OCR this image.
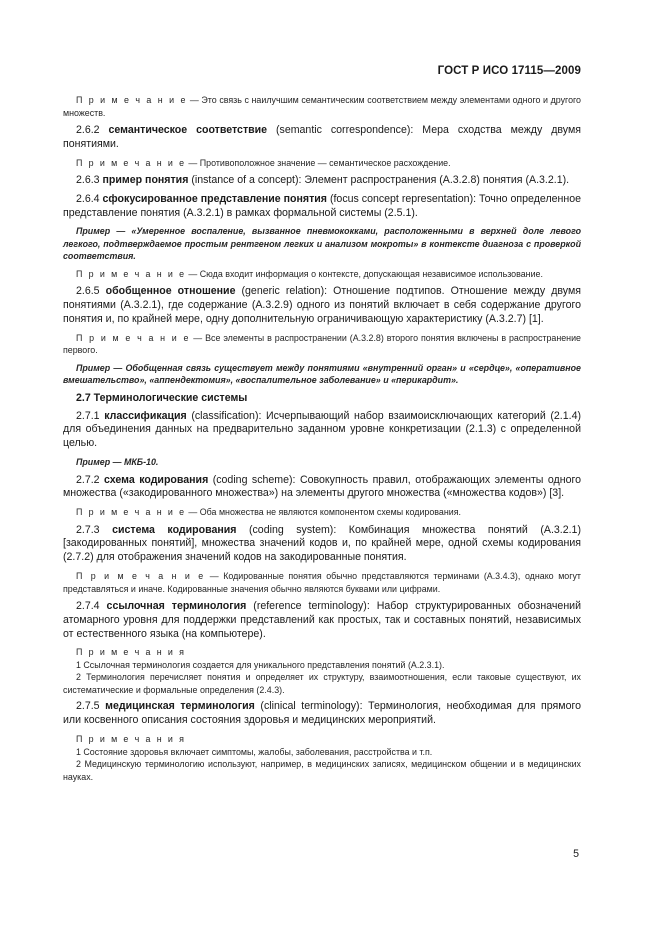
ГОСТ Р ИСО 17115—2009

П р и м е ч а н и е — Это связь с наилучшим семантическим соответствием между элементами одного и другого множеств.

2.6.2 семантическое соответствие (semantic correspondence): Мера сходства между двумя понятиями.

П р и м е ч а н и е — Противоположное значение — семантическое расхождение.

2.6.3 пример понятия (instance of a concept): Элемент распространения (A.3.2.8) понятия (A.3.2.1).

2.6.4 сфокусированное представление понятия (focus concept representation): Точно определенное представление понятия (A.3.2.1) в рамках формальной системы (2.5.1).

Пример — «Умеренное воспаление, вызванное пневмококками, расположенными в верхней доле левого легкого, подтверждаемое простым рентгеном легких и анализом мокроты» в контексте диагноза с проверкой соответствия.

П р и м е ч а н и е — Сюда входит информация о контексте, допускающая независимое использование.

2.6.5 обобщенное отношение (generic relation): Отношение подтипов. Отношение между двумя понятиями (A.3.2.1), где содержание (A.3.2.9) одного из понятий включает в себя содержание другого понятия и, по крайней мере, одну дополнительную ограничивающую характеристику (A.3.2.7) [1].

П р и м е ч а н и е — Все элементы в распространении (A.3.2.8) второго понятия включены в распространение первого.

Пример — Обобщенная связь существует между понятиями «внутренний орган» и «сердце», «оперативное вмешательство», «аппендектомия», «воспалительное заболевание» и «перикардит».

2.7 Терминологические системы

2.7.1 классификация (classification): Исчерпывающий набор взаимоисключающих категорий (2.1.4) для объединения данных на предварительно заданном уровне конкретизации (2.1.3) с определенной целью.

Пример — МКБ-10.

2.7.2 схема кодирования (coding scheme): Совокупность правил, отображающих элементы одного множества («закодированного множества») на элементы другого множества («множества кодов») [3].

П р и м е ч а н и е — Оба множества не являются компонентом схемы кодирования.

2.7.3 система кодирования (coding system): Комбинация множества понятий (A.3.2.1) [закодированных понятий], множества значений кодов и, по крайней мере, одной схемы кодирования (2.7.2) для отображения значений кодов на закодированные понятия.

П р и м е ч а н и е — Кодированные понятия обычно представляются терминами (A.3.4.3), однако могут представляться и иначе. Кодированные значения обычно являются буквами или цифрами.

2.7.4 ссылочная терминология (reference terminology): Набор структурированных обозначений атомарного уровня для поддержки представлений как простых, так и составных понятий, независимых от естественного языка (на компьютере).

П р и м е ч а н и я

1 Ссылочная терминология создается для уникального представления понятий (A.2.3.1).

2 Терминология перечисляет понятия и определяет их структуру, взаимоотношения, если таковые существуют, их систематические и формальные определения (2.4.3).

2.7.5 медицинская терминология (clinical terminology): Терминология, необходимая для прямого или косвенного описания состояния здоровья и медицинских мероприятий.

П р и м е ч а н и я

1 Состояние здоровья включает симптомы, жалобы, заболевания, расстройства и т.п.

2 Медицинскую терминологию используют, например, в медицинских записях, медицинском общении и в медицинских науках.

5
